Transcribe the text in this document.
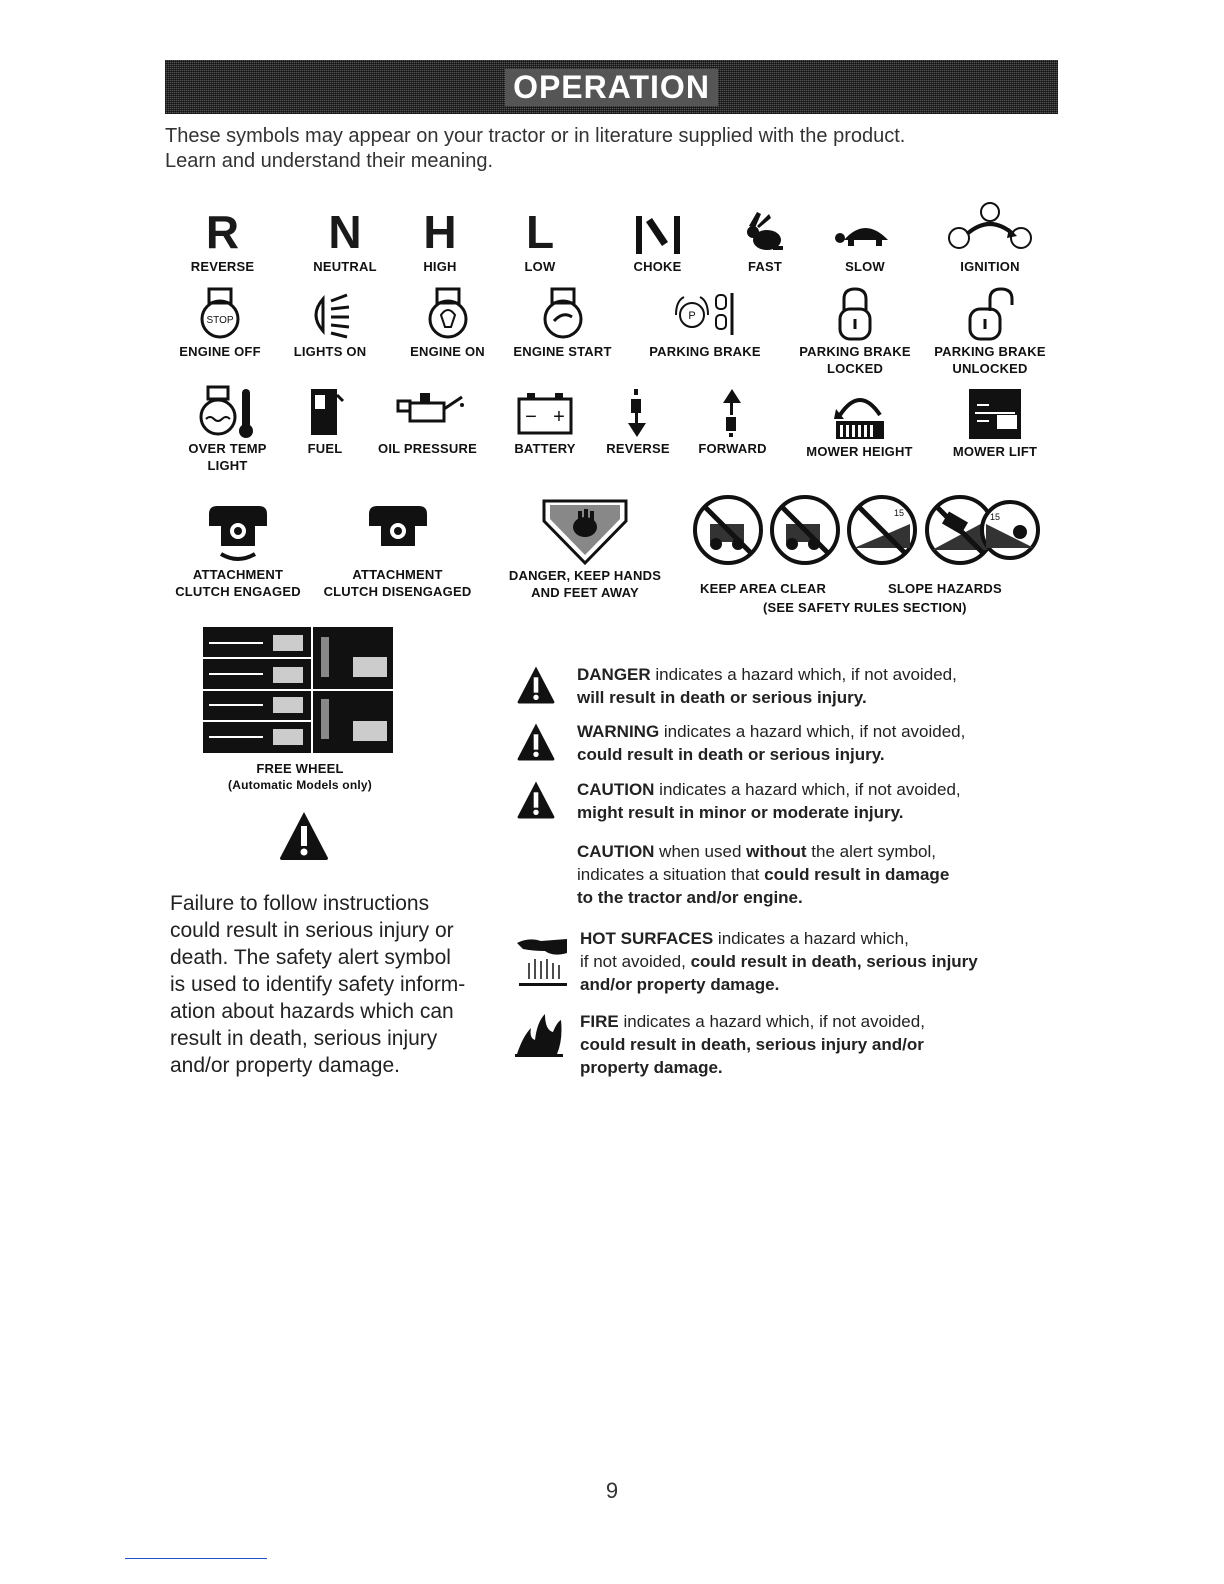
OPERATION
These symbols may appear on your tractor or in literature supplied with the product.
Learn and understand their meaning.
R
REVERSE
N
NEUTRAL
H
HIGH
L
LOW	CHOKE	FAST	SLOW	IGNITION
STOP
ENGINE OFF	LIGHTS ON	ENGINE ON	ENGINE START
P
PARKING BRAKE	PARKING BRAKE
LOCKED
PARKING BRAKE
UNLOCKED
OVER TEMP
LIGHT
FUEL	OIL PRESSURE
− +
BATTERY	REVERSE	FORWARD	MOWER HEIGHT	MOWER LIFT
ATTACHMENT
CLUTCH ENGAGED
ATTACHMENT
CLUTCH DISENGAGED
DANGER, KEEP HANDS
AND FEET AWAY
15	15
KEEP AREA CLEAR	SLOPE HAZARDS
(SEE SAFETY RULES SECTION)
FREE WHEEL
(Automatic Models only)
Failure to follow instructions
could result in serious injury or
death. The safety alert symbol
is used to identify safety inform-
ation about hazards which can
result in death, serious injury
and/or property damage.
DANGER indicates a hazard which, if not avoided,
will result in death or serious injury.
WARNING indicates a hazard which, if not avoided,
could result in death or serious injury.
CAUTION indicates a hazard which, if not avoided,
might result in minor or moderate injury.
CAUTION when used without the alert symbol,
indicates a situation that could result in damage
to the tractor and/or engine.
HOT SURFACES indicates a hazard which,
if not avoided, could result in death, serious injury
and/or property damage.
FIRE indicates a hazard which, if not avoided,
could result in death, serious injury and/or
property damage.
9
